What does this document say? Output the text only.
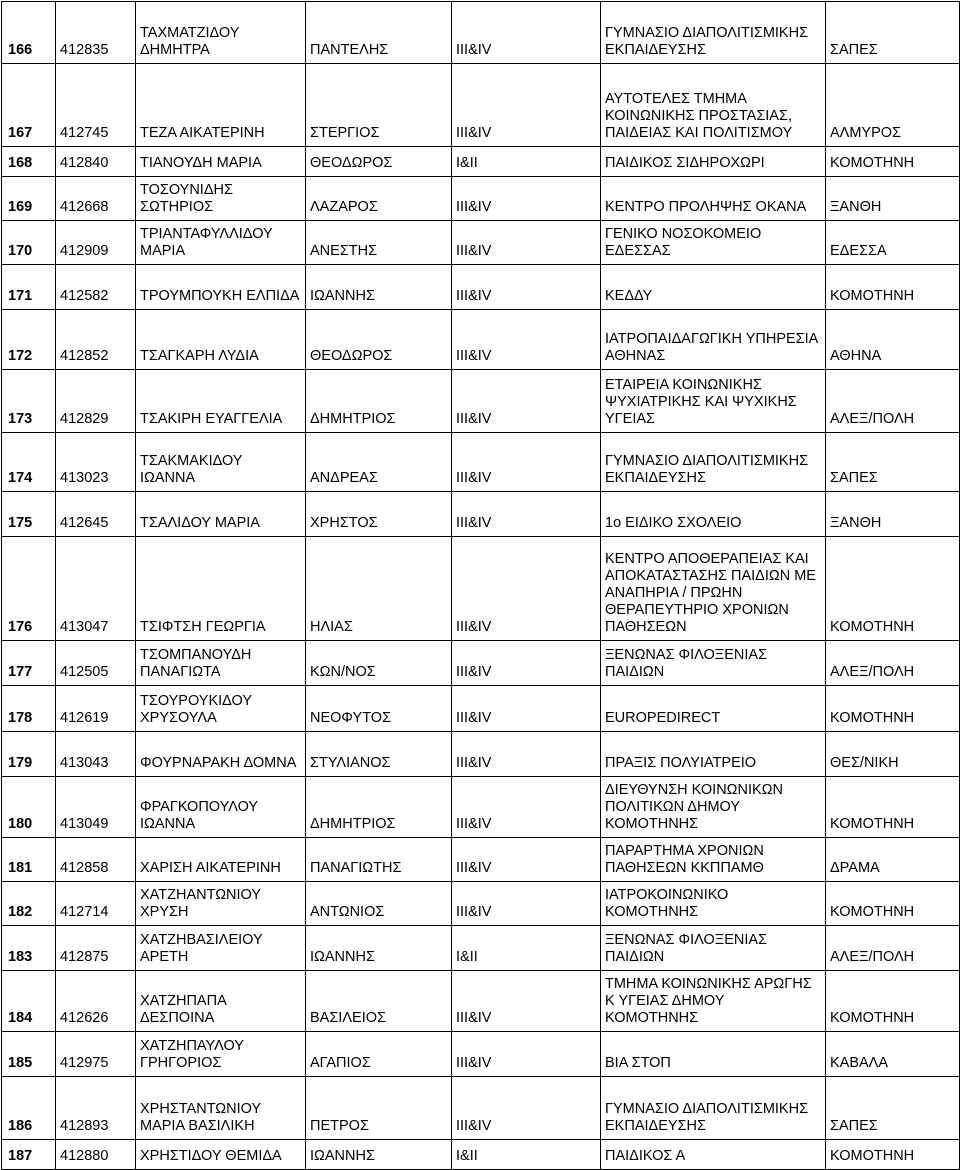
166	412835	ΤΑΧΜΑΤΖΙΔΟΥ ΔΗΜΗΤΡΑ	ΠΑΝΤΕΛΗΣ	III&IV	ΓΥΜΝΑΣΙΟ ΔΙΑΠΟΛΙΤΙΣΜΙΚΗΣ ΕΚΠΑΙΔΕΥΣΗΣ	ΣΑΠΕΣ
167	412745	ΤΕΖΑ ΑΙΚΑΤΕΡΙΝΗ	ΣΤΕΡΓΙΟΣ	III&IV	ΑΥΤΟΤΕΛΕΣ ΤΜΗΜΑ ΚΟΙΝΩΝΙΚΗΣ ΠΡΟΣΤΑΣΙΑΣ, ΠΑΙΔΕΙΑΣ ΚΑΙ ΠΟΛΙΤΙΣΜΟΥ	ΑΛΜΥΡΟΣ
168	412840	ΤΙΑΝΟΥΔΗ ΜΑΡΙΑ	ΘΕΟΔΩΡΟΣ	I&II	ΠΑΙΔΙΚΟΣ ΣΙΔΗΡΟΧΩΡΙ	ΚΟΜΟΤΗΝΗ
169	412668	ΤΟΣΟΥΝΙΔΗΣ ΣΩΤΗΡΙΟΣ	ΛΑΖΑΡΟΣ	III&IV	ΚΕΝΤΡΟ ΠΡΟΛΗΨΗΣ ΟΚΑΝΑ	ΞΑΝΘΗ
170	412909	ΤΡΙΑΝΤΑΦΥΛΛΙΔΟΥ ΜΑΡΙΑ	ΑΝΕΣΤΗΣ	III&IV	ΓΕΝΙΚΟ ΝΟΣΟΚΟΜΕΙΟ ΕΔΕΣΣΑΣ	ΕΔΕΣΣΑ
171	412582	ΤΡΟΥΜΠΟΥΚΗ ΕΛΠΙΔΑ	ΙΩΑΝΝΗΣ	III&IV	ΚΕΔΔΥ	ΚΟΜΟΤΗΝΗ
172	412852	ΤΣΑΓΚΑΡΗ ΛΥΔΙΑ	ΘΕΟΔΩΡΟΣ	III&IV	ΙΑΤΡΟΠΑΙΔΑΓΩΓΙΚΗ ΥΠΗΡΕΣΙΑ ΑΘΗΝΑΣ	ΑΘΗΝΑ
173	412829	ΤΣΑΚΙΡΗ ΕΥΑΓΓΕΛΙΑ	ΔΗΜΗΤΡΙΟΣ	III&IV	ΕΤΑΙΡΕΙΑ ΚΟΙΝΩΝΙΚΗΣ ΨΥΧΙΑΤΡΙΚΗΣ ΚΑΙ ΨΥΧΙΚΗΣ ΥΓΕΙΑΣ	ΑΛΕΞ/ΠΟΛΗ
174	413023	ΤΣΑΚΜΑΚΙΔΟΥ ΙΩΑΝΝΑ	ΑΝΔΡΕΑΣ	III&IV	ΓΥΜΝΑΣΙΟ ΔΙΑΠΟΛΙΤΙΣΜΙΚΗΣ ΕΚΠΑΙΔΕΥΣΗΣ	ΣΑΠΕΣ
175	412645	ΤΣΑΛΙΔΟΥ ΜΑΡΙΑ	ΧΡΗΣΤΟΣ	III&IV	1ο ΕΙΔΙΚΟ ΣΧΟΛΕΙΟ	ΞΑΝΘΗ
176	413047	ΤΣΙΦΤΣΗ ΓΕΩΡΓΙΑ	ΗΛΙΑΣ	III&IV	ΚΕΝΤΡΟ ΑΠΟΘΕΡΑΠΕΙΑΣ ΚΑΙ ΑΠΟΚΑΤΑΣΤΑΣΗΣ ΠΑΙΔΙΩΝ ΜΕ ΑΝΑΠΗΡΙΑ / ΠΡΩΗΝ ΘΕΡΑΠΕΥΤΗΡΙΟ ΧΡΟΝΙΩΝ ΠΑΘΗΣΕΩΝ	ΚΟΜΟΤΗΝΗ
177	412505	ΤΣΟΜΠΑΝΟΥΔΗ ΠΑΝΑΓΙΩΤΑ	ΚΩΝ/ΝΟΣ	III&IV	ΞΕΝΩΝΑΣ ΦΙΛΟΞΕΝΙΑΣ ΠΑΙΔΙΩΝ	ΑΛΕΞ/ΠΟΛΗ
178	412619	ΤΣΟΥΡΟΥΚΙΔΟΥ ΧΡΥΣΟΥΛΑ	ΝΕΟΦΥΤΟΣ	III&IV	EUROPEDIRECT	ΚΟΜΟΤΗΝΗ
179	413043	ΦΟΥΡΝΑΡΑΚΗ ΔΟΜΝΑ	ΣΤΥΛΙΑΝΟΣ	III&IV	ΠΡΑΞΙΣ ΠΟΛΥΙΑΤΡΕΙΟ	ΘΕΣ/ΝΙΚΗ
180	413049	ΦΡΑΓΚΟΠΟΥΛΟΥ ΙΩΑΝΝΑ	ΔΗΜΗΤΡΙΟΣ	III&IV	ΔΙΕΥΘΥΝΣΗ ΚΟΙΝΩΝΙΚΩΝ ΠΟΛΙΤΙΚΩΝ ΔΗΜΟΥ ΚΟΜΟΤΗΝΗΣ	ΚΟΜΟΤΗΝΗ
181	412858	ΧΑΡΙΣΗ ΑΙΚΑΤΕΡΙΝΗ	ΠΑΝΑΓΙΩΤΗΣ	III&IV	ΠΑΡΑΡΤΗΜΑ ΧΡΟΝΙΩΝ ΠΑΘΗΣΕΩΝ ΚΚΠΠΑΜΘ	ΔΡΑΜΑ
182	412714	ΧΑΤΖΗΑΝΤΩΝΙΟΥ ΧΡΥΣΗ	ΑΝΤΩΝΙΟΣ	III&IV	ΙΑΤΡΟΚΟΙΝΩΝΙΚΟ ΚΟΜΟΤΗΝΗΣ	ΚΟΜΟΤΗΝΗ
183	412875	ΧΑΤΖΗΒΑΣΙΛΕΙΟΥ ΑΡΕΤΗ	ΙΩΑΝΝΗΣ	I&II	ΞΕΝΩΝΑΣ ΦΙΛΟΞΕΝΙΑΣ ΠΑΙΔΙΩΝ	ΑΛΕΞ/ΠΟΛΗ
184	412626	ΧΑΤΖΗΠΑΠΑ ΔΕΣΠΟΙΝΑ	ΒΑΣΙΛΕΙΟΣ	III&IV	ΤΜΗΜΑ ΚΟΙΝΩΝΙΚΗΣ ΑΡΩΓΗΣ Κ ΥΓΕΙΑΣ ΔΗΜΟΥ ΚΟΜΟΤΗΝΗΣ	ΚΟΜΟΤΗΝΗ
185	412975	ΧΑΤΖΗΠΑΥΛΟΥ ΓΡΗΓΟΡΙΟΣ	ΑΓΑΠΙΟΣ	III&IV	ΒΙΑ ΣΤΟΠ	ΚΑΒΑΛΑ
186	412893	ΧΡΗΣΤΑΝΤΩΝΙΟΥ ΜΑΡΙΑ ΒΑΣΙΛΙΚΗ	ΠΕΤΡΟΣ	III&IV	ΓΥΜΝΑΣΙΟ ΔΙΑΠΟΛΙΤΙΣΜΙΚΗΣ ΕΚΠΑΙΔΕΥΣΗΣ	ΣΑΠΕΣ
187	412880	ΧΡΗΣΤΙΔΟΥ ΘΕΜΙΔΑ	ΙΩΑΝΝΗΣ	I&II	ΠΑΙΔΙΚΟΣ Α	ΚΟΜΟΤΗΝΗ
